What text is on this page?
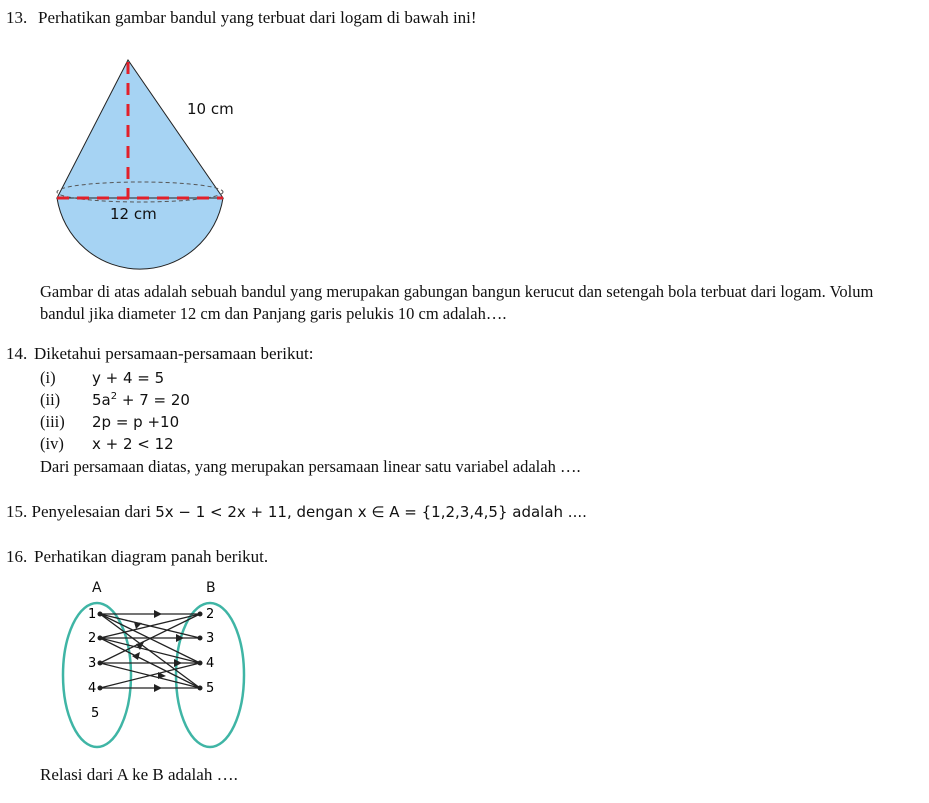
13. Perhatikan gambar bandul yang terbuat dari logam di bawah ini!
10 cm
12 cm
Gambar di atas adalah sebuah bandul yang merupakan gabungan bangun kerucut dan setengah bola terbuat dari logam. Volum
bandul jika diameter 12 cm dan Panjang garis pelukis 10 cm adalah….
14. Diketahui persamaan-persamaan berikut:
(i) y + 4 = 5
(ii) $5a^2 + 7 = 20$
(iii) 2p = p +10
(iv) x + 2 < 12
Dari persamaan diatas, yang merupakan persamaan linear satu variabel adalah ….
15. Penyelesaian dari 5x − 1 < 2x + 11, dengan x ∈ A = {1,2,3,4,5} adalah ....
16. Perhatikan diagram panah berikut.
A	B
1
2
3
4
5
2
3
4
5
Relasi dari A ke B adalah ….
